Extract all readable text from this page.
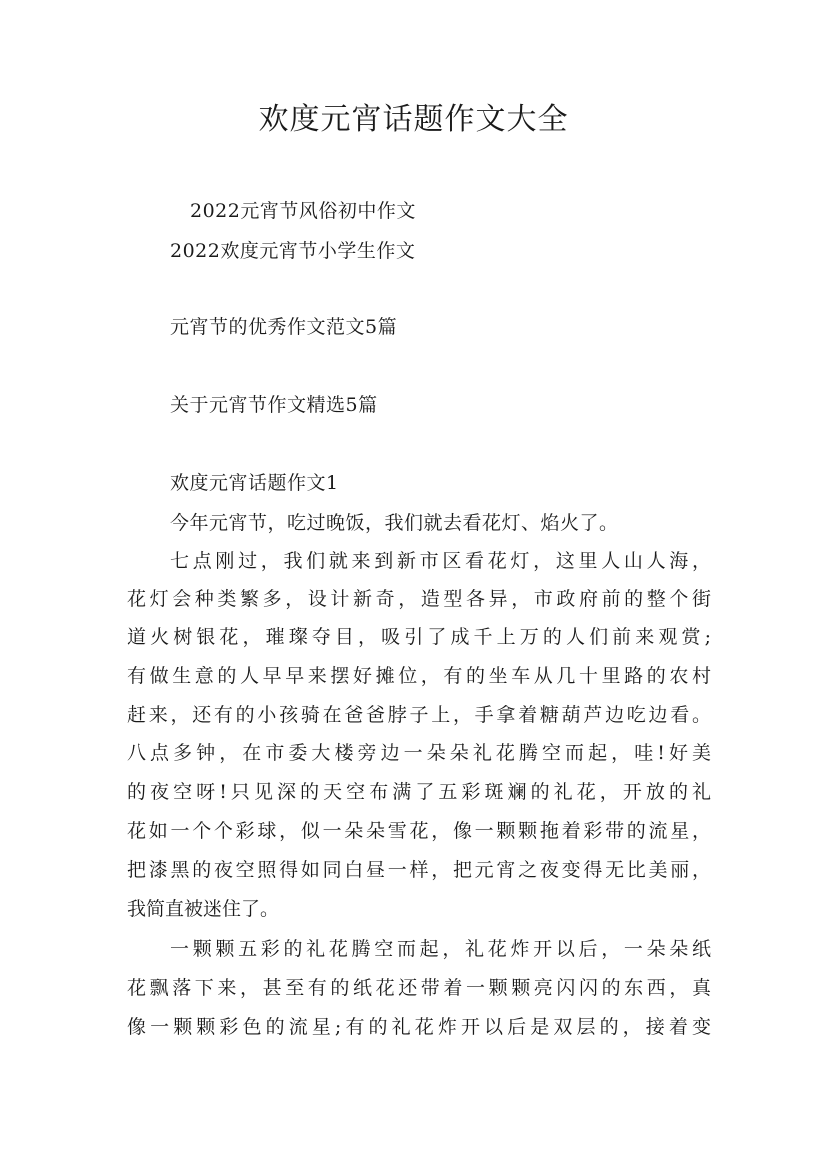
欢度元宵话题作文大全
2022元宵节风俗初中作文
2022欢度元宵节小学生作文
元宵节的优秀作文范文5篇
关于元宵节作文精选5篇
欢度元宵话题作文1
今年元宵节，吃过晚饭，我们就去看花灯、焰火了。
七点刚过，我们就来到新市区看花灯，这里人山人海，
花灯会种类繁多，设计新奇，造型各异，市政府前的整个街
道火树银花，璀璨夺目，吸引了成千上万的人们前来观赏;
有做生意的人早早来摆好摊位，有的坐车从几十里路的农村
赶来，还有的小孩骑在爸爸脖子上，手拿着糖葫芦边吃边看。
八点多钟，在市委大楼旁边一朵朵礼花腾空而起，哇!好美
的夜空呀!只见深的天空布满了五彩斑斓的礼花，开放的礼
花如一个个彩球，似一朵朵雪花，像一颗颗拖着彩带的流星，
把漆黑的夜空照得如同白昼一样，把元宵之夜变得无比美丽，
我简直被迷住了。
一颗颗五彩的礼花腾空而起，礼花炸开以后，一朵朵纸
花飘落下来，甚至有的纸花还带着一颗颗亮闪闪的东西，真
像一颗颗彩色的流星;有的礼花炸开以后是双层的，接着变
